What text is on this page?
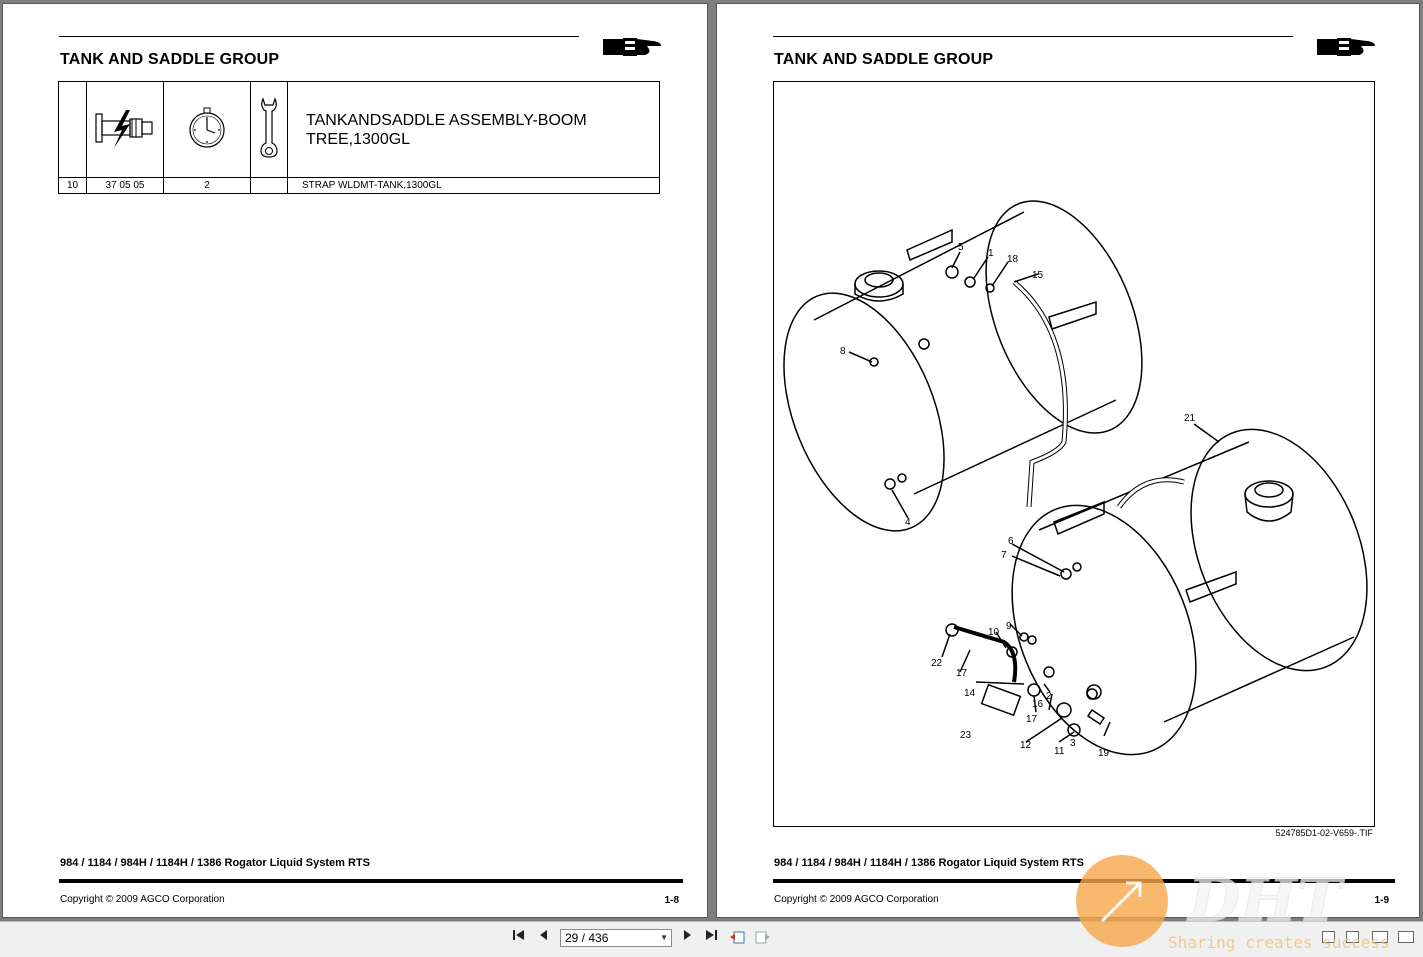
TANK AND SADDLE GROUP
				TANKANDSADDLE ASSEMBLY-BOOM TREE,1300GL
10	37 05 05	2		STRAP WLDMT-TANK,1300GL
984 / 1184 / 984H / 1184H / 1386 Rogator Liquid System RTS
Copyright © 2009 AGCO Corporation	1-8
TANK AND SADDLE GROUP
5
1
18
15
8
4
21
6
7
10
9
22
17
14	2
16
23
17
12
11
3
19
524785D1-02-V659-.TIF
984 / 1184 / 984H / 1184H / 1386 Rogator Liquid System RTS
Copyright © 2009 AGCO Corporation	1-9
29 / 436	▼
DHT
Sharing creates success
